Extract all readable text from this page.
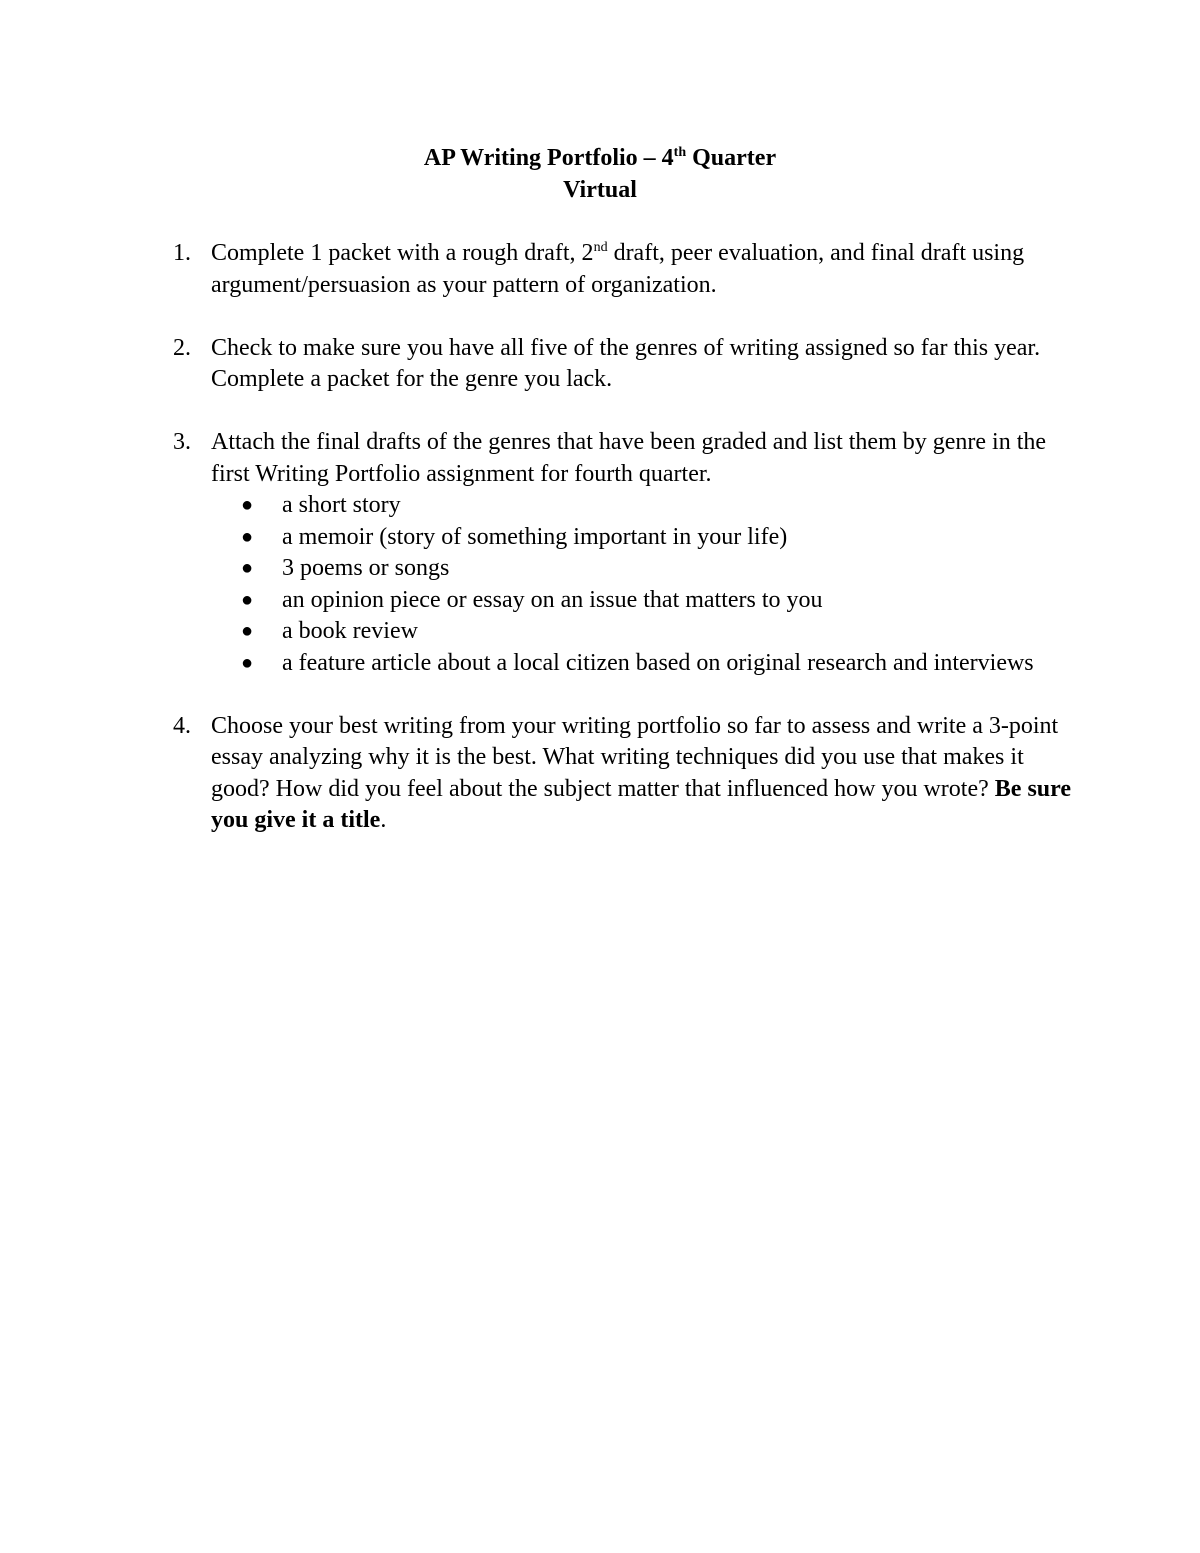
AP Writing Portfolio – 4th Quarter
Virtual
1. Complete 1 packet with a rough draft, 2nd draft, peer evaluation, and final draft using argument/persuasion as your pattern of organization.
2. Check to make sure you have all five of the genres of writing assigned so far this year. Complete a packet for the genre you lack.
3. Attach the final drafts of the genres that have been graded and list them by genre in the first Writing Portfolio assignment for fourth quarter.
● a short story
● a memoir (story of something important in your life)
● 3 poems or songs
● an opinion piece or essay on an issue that matters to you
● a book review
● a feature article about a local citizen based on original research and interviews
4. Choose your best writing from your writing portfolio so far to assess and write a 3-point essay analyzing why it is the best. What writing techniques did you use that makes it good? How did you feel about the subject matter that influenced how you wrote? Be sure you give it a title.
